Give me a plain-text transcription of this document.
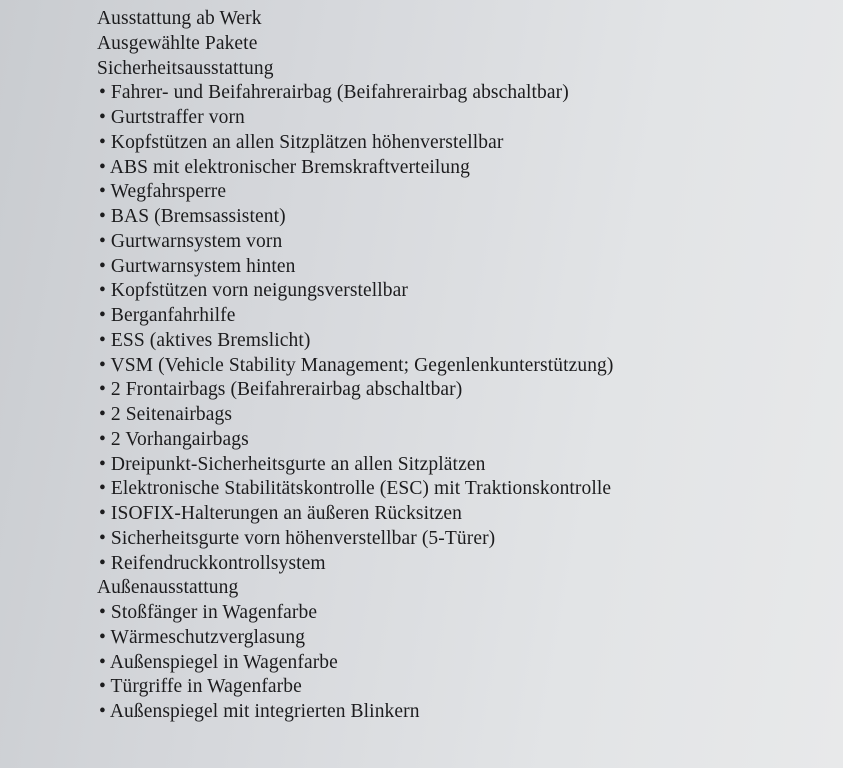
Ausstattung ab Werk
Ausgewählte Pakete
Sicherheitsausstattung
• Fahrer- und Beifahrerairbag (Beifahrerairbag abschaltbar)
• Gurtstraffer vorn
• Kopfstützen an allen Sitzplätzen höhenverstellbar
• ABS mit elektronischer Bremskraftverteilung
• Wegfahrsperre
• BAS (Bremsassistent)
• Gurtwarnsystem vorn
• Gurtwarnsystem hinten
• Kopfstützen vorn neigungsverstellbar
• Berganfahrhilfe
• ESS (aktives Bremslicht)
• VSM (Vehicle Stability Management; Gegenlenkunterstützung)
• 2 Frontairbags (Beifahrerairbag abschaltbar)
• 2 Seitenairbags
• 2 Vorhangairbags
• Dreipunkt-Sicherheitsgurte an allen Sitzplätzen
• Elektronische Stabilitätskontrolle (ESC) mit Traktionskontrolle
• ISOFIX-Halterungen an äußeren Rücksitzen
• Sicherheitsgurte vorn höhenverstellbar (5-Türer)
• Reifendruckkontrollsystem
Außenausstattung
• Stoßfänger in Wagenfarbe
• Wärmeschutzverglasung
• Außenspiegel in Wagenfarbe
• Türgriffe in Wagenfarbe
• Außenspiegel mit integrierten Blinkern
